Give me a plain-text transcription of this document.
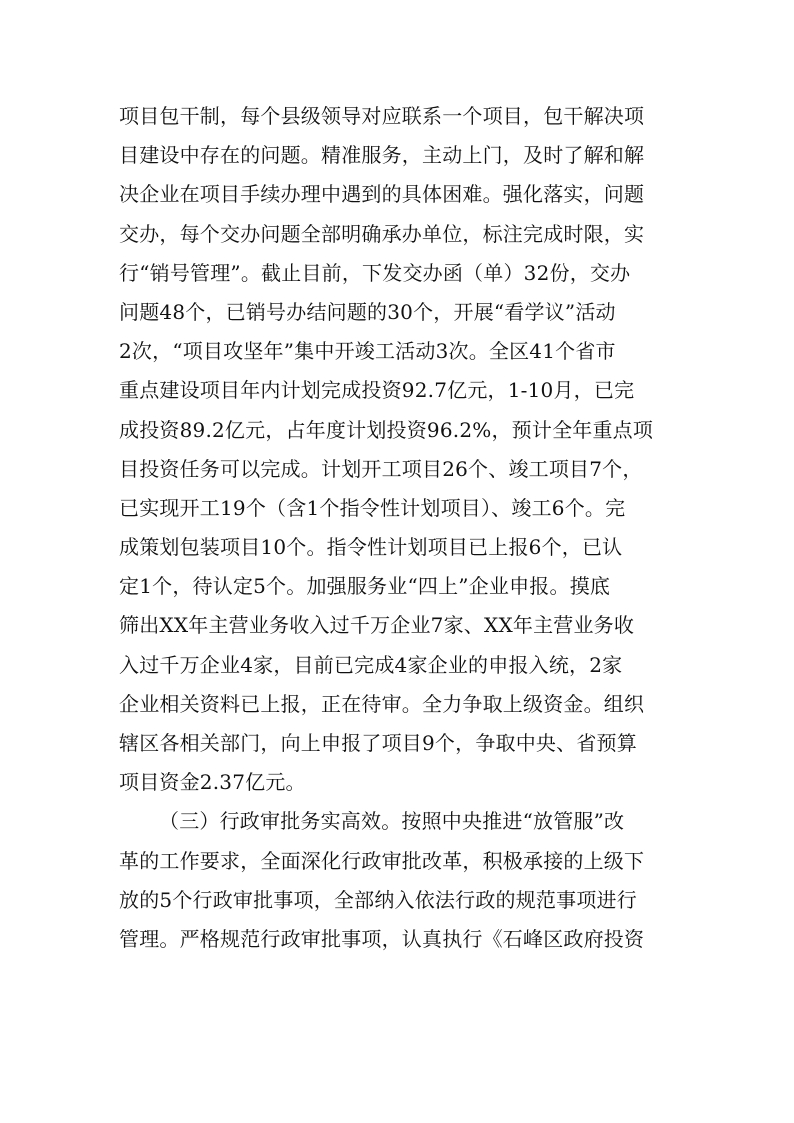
项目包干制，每个县级领导对应联系一个项目，包干解决项
目建设中存在的问题。精准服务，主动上门，及时了解和解
决企业在项目手续办理中遇到的具体困难。强化落实，问题
交办，每个交办问题全部明确承办单位，标注完成时限，实
行“销号管理”。截止目前，下发交办函（单）32份，交办
问题48个，已销号办结问题的30个，开展“看学议”活动
2次，“项目攻坚年”集中开竣工活动3次。全区41个省市
重点建设项目年内计划完成投资92.7亿元，1-10月，已完
成投资89.2亿元，占年度计划投资96.2%，预计全年重点项
目投资任务可以完成。计划开工项目26个、竣工项目7个，
已实现开工19个（含1个指令性计划项目）、竣工6个。完
成策划包装项目10个。指令性计划项目已上报6个，已认
定1个，待认定5个。加强服务业“四上”企业申报。摸底
筛出XX年主营业务收入过千万企业7家、XX年主营业务收
入过千万企业4家，目前已完成4家企业的申报入统，2家
企业相关资料已上报，正在待审。全力争取上级资金。组织
辖区各相关部门，向上申报了项目9个，争取中央、省预算
项目资金2.37亿元。
（三）行政审批务实高效。按照中央推进“放管服”改
革的工作要求，全面深化行政审批改革，积极承接的上级下
放的5个行政审批事项，全部纳入依法行政的规范事项进行
管理。严格规范行政审批事项，认真执行《石峰区政府投资
